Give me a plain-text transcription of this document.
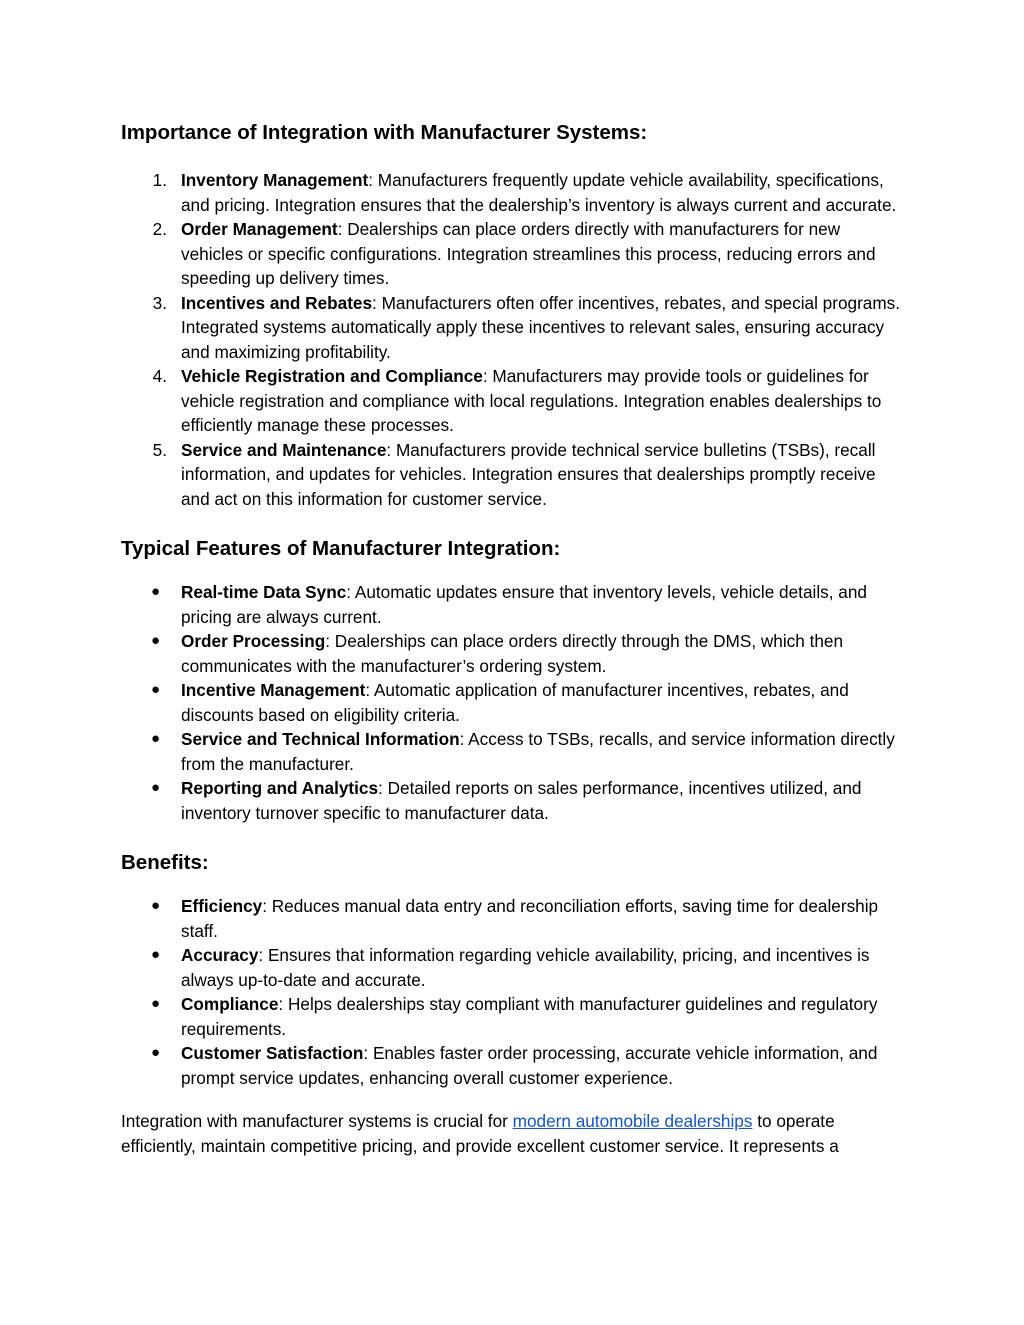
Importance of Integration with Manufacturer Systems:
1. Inventory Management: Manufacturers frequently update vehicle availability, specifications, and pricing. Integration ensures that the dealership’s inventory is always current and accurate.
2. Order Management: Dealerships can place orders directly with manufacturers for new vehicles or specific configurations. Integration streamlines this process, reducing errors and speeding up delivery times.
3. Incentives and Rebates: Manufacturers often offer incentives, rebates, and special programs. Integrated systems automatically apply these incentives to relevant sales, ensuring accuracy and maximizing profitability.
4. Vehicle Registration and Compliance: Manufacturers may provide tools or guidelines for vehicle registration and compliance with local regulations. Integration enables dealerships to efficiently manage these processes.
5. Service and Maintenance: Manufacturers provide technical service bulletins (TSBs), recall information, and updates for vehicles. Integration ensures that dealerships promptly receive and act on this information for customer service.
Typical Features of Manufacturer Integration:
●	Real-time Data Sync: Automatic updates ensure that inventory levels, vehicle details, and pricing are always current.
●	Order Processing: Dealerships can place orders directly through the DMS, which then communicates with the manufacturer’s ordering system.
●	Incentive Management: Automatic application of manufacturer incentives, rebates, and discounts based on eligibility criteria.
●	Service and Technical Information: Access to TSBs, recalls, and service information directly from the manufacturer.
●	Reporting and Analytics: Detailed reports on sales performance, incentives utilized, and inventory turnover specific to manufacturer data.
Benefits:
●	Efficiency: Reduces manual data entry and reconciliation efforts, saving time for dealership staff.
●	Accuracy: Ensures that information regarding vehicle availability, pricing, and incentives is always up-to-date and accurate.
●	Compliance: Helps dealerships stay compliant with manufacturer guidelines and regulatory requirements.
●	Customer Satisfaction: Enables faster order processing, accurate vehicle information, and prompt service updates, enhancing overall customer experience.

Integration with manufacturer systems is crucial for modern automobile dealerships to operate efficiently, maintain competitive pricing, and provide excellent customer service. It represents a
